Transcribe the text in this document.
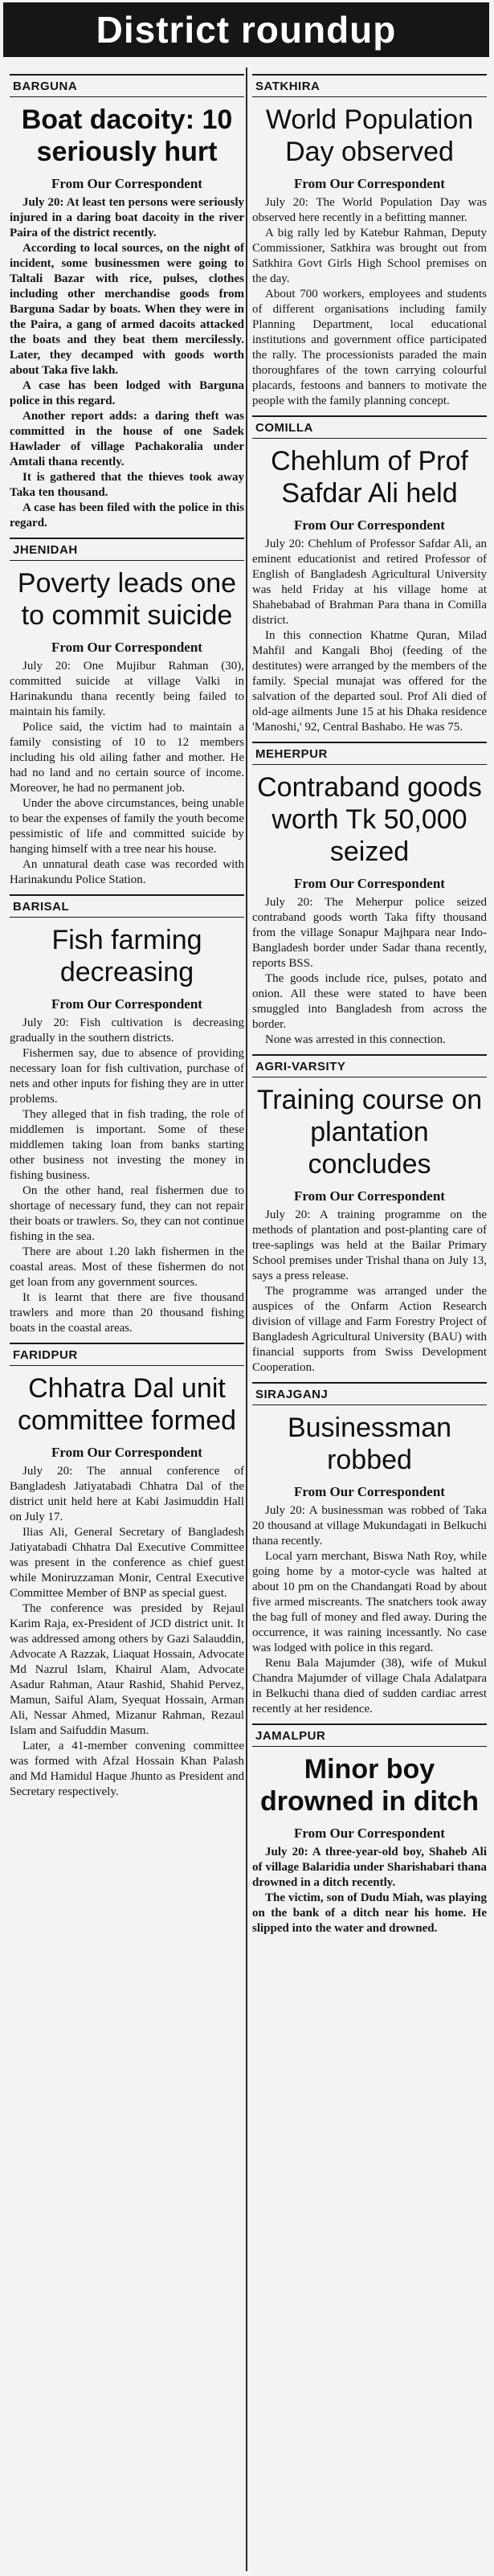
District roundup
BARGUNA
Boat dacoity: 10 seriously hurt
From Our Correspondent

July 20: At least ten persons were seriously injured in a daring boat dacoity in the river Paira of the district recently.

According to local sources, on the night of incident, some businessmen were going to Taltali Bazar with rice, pulses, clothes including other merchandise goods from Barguna Sadar by boats. When they were in the Paira, a gang of armed dacoits attacked the boats and they beat them mercilessly. Later, they decamped with goods worth about Taka five lakh.

A case has been lodged with Barguna police in this regard.

Another report adds: a daring theft was committed in the house of one Sadek Hawlader of village Pachakoralia under Amtali thana recently.

It is gathered that the thieves took away Taka ten thousand.

A case has been filed with the police in this regard.

JHENIDAH
Poverty leads one to commit suicide
From Our Correspondent

July 20: One Mujibur Rahman (30), committed suicide at village Valki in Harinakundu thana recently being failed to maintain his family.

Police said, the victim had to maintain a family consisting of 10 to 12 members including his old ailing father and mother. He had no land and no certain source of income. Moreover, he had no permanent job.

Under the above circumstances, being unable to bear the expenses of family the youth become pessimistic of life and committed suicide by hanging himself with a tree near his house.

An unnatural death case was recorded with Harinakundu Police Station.

BARISAL
Fish farming decreasing
From Our Correspondent

July 20: Fish cultivation is decreasing gradually in the southern districts.

Fishermen say, due to absence of providing necessary loan for fish cultivation, purchase of nets and other inputs for fishing they are in utter problems.

They alleged that in fish trading, the role of middlemen is important. Some of these middlemen taking loan from banks starting other business not investing the money in fishing business.

On the other hand, real fishermen due to shortage of necessary fund, they can not repair their boats or trawlers. So, they can not continue fishing in the sea.

There are about 1.20 lakh fishermen in the coastal areas. Most of these fishermen do not get loan from any government sources.

It is learnt that there are five thousand trawlers and more than 20 thousand fishing boats in the coastal areas.

FARIDPUR
Chhatra Dal unit committee formed
From Our Correspondent

July 20: The annual conference of Bangladesh Jatiyatabadi Chhatra Dal of the district unit held here at Kabi Jasimuddin Hall on July 17.

Ilias Ali, General Secretary of Bangladesh Jatiyatabadi Chhatra Dal Executive Committee was present in the conference as chief guest while Moniruzzaman Monir, Central Executive Committee Member of BNP as special guest.

The conference was presided by Rejaul Karim Raja, ex-President of JCD district unit. It was addressed among others by Gazi Salauddin, Advocate A Razzak, Liaquat Hossain, Advocate Md Nazrul Islam, Khairul Alam, Advocate Asadur Rahman, Ataur Rashid, Shahid Pervez, Mamun, Saiful Alam, Syequat Hossain, Arman Ali, Nessar Ahmed, Mizanur Rahman, Rezaul Islam and Saifuddin Masum.

Later, a 41-member convening committee was formed with Afzal Hossain Khan Palash and Md Hamidul Haque Jhunto as President and Secretary respectively.

SATKHIRA
World Population Day observed
From Our Correspondent

July 20: The World Population Day was observed here recently in a befitting manner.

A big rally led by Katebur Rahman, Deputy Commissioner, Satkhira was brought out from Satkhira Govt Girls High School premises on the day.

About 700 workers, employees and students of different organisations including family Planning Department, local educational institutions and government office participated the rally. The processionists paraded the main thoroughfares of the town carrying colourful placards, festoons and banners to motivate the people with the family planning concept.

COMILLA
Chehlum of Prof Safdar Ali held
From Our Correspondent

July 20: Chehlum of Professor Safdar Ali, an eminent educationist and retired Professor of English of Bangladesh Agricultural University was held Friday at his village home at Shahebabad of Brahman Para thana in Comilla district.

In this connection Khatme Quran, Milad Mahfil and Kangali Bhoj (feeding of the destitutes) were arranged by the members of the family. Special munajat was offered for the salvation of the departed soul. Prof Ali died of old-age ailments June 15 at his Dhaka residence 'Manoshi,' 92, Central Bashabo. He was 75.

MEHERPUR
Contraband goods worth Tk 50,000 seized
From Our Correspondent

July 20: The Meherpur police seized contraband goods worth Taka fifty thousand from the village Sonapur Majhpara near Indo-Bangladesh border under Sadar thana recently, reports BSS.

The goods include rice, pulses, potato and onion. All these were stated to have been smuggled into Bangladesh from across the border.

None was arrested in this connection.

AGRI-VARSITY
Training course on plantation concludes
From Our Correspondent

July 20: A training programme on the methods of plantation and post-planting care of tree-saplings was held at the Bailar Primary School premises under Trishal thana on July 13, says a press release.

The programme was arranged under the auspices of the Onfarm Action Research division of village and Farm Forestry Project of Bangladesh Agricultural University (BAU) with financial supports from Swiss Development Cooperation.

SIRAJGANJ
Businessman robbed
From Our Correspondent

July 20: A businessman was robbed of Taka 20 thousand at village Mukundagati in Belkuchi thana recently.

Local yarn merchant, Biswa Nath Roy, while going home by a motor-cycle was halted at about 10 pm on the Chandangati Road by about five armed miscreants. The snatchers took away the bag full of money and fled away. During the occurrence, it was raining incessantly. No case was lodged with police in this regard.

Renu Bala Majumder (38), wife of Mukul Chandra Majumder of village Chala Adalatpara in Belkuchi thana died of sudden cardiac arrest recently at her residence.

JAMALPUR
Minor boy drowned in ditch
From Our Correspondent

July 20: A three-year-old boy, Shaheb Ali of village Balaridia under Sharishabari thana drowned in a ditch recently.

The victim, son of Dudu Miah, was playing on the bank of a ditch near his home. He slipped into the water and drowned.
